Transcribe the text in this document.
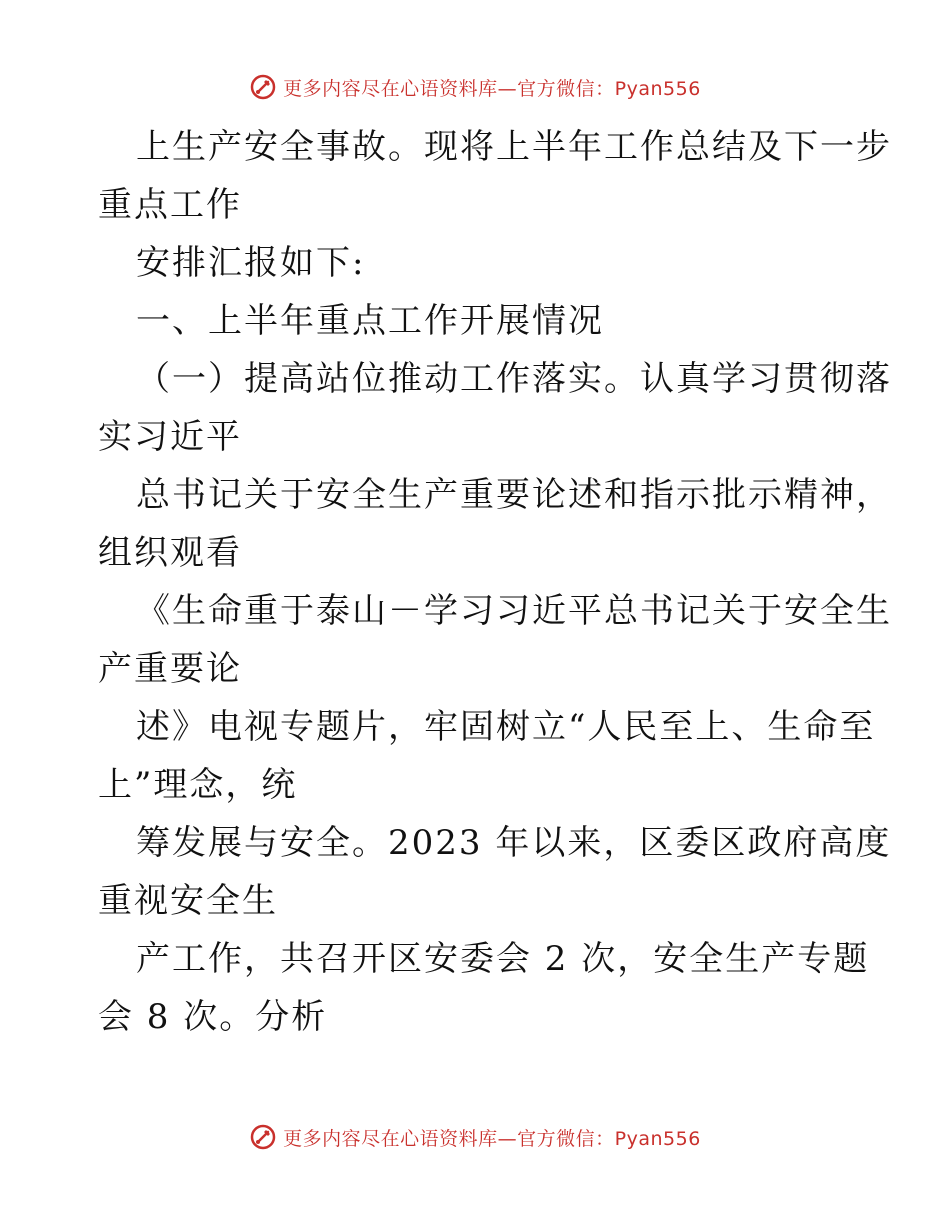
更多内容尽在心语资料库—官方微信：Pyan556
上生产安全事故。现将上半年工作总结及下一步
重点工作
安排汇报如下:
一、上半年重点工作开展情况
（一）提高站位推动工作落实。认真学习贯彻落
实习近平
总书记关于安全生产重要论述和指示批示精神，
组织观看
《生命重于泰山－学习习近平总书记关于安全生
产重要论
述》电视专题片，牢固树立“人民至上、生命至
上”理念，统
筹发展与安全。2023 年以来，区委区政府高度
重视安全生
产工作，共召开区安委会 2 次，安全生产专题
会 8 次。分析
更多内容尽在心语资料库—官方微信：Pyan556
